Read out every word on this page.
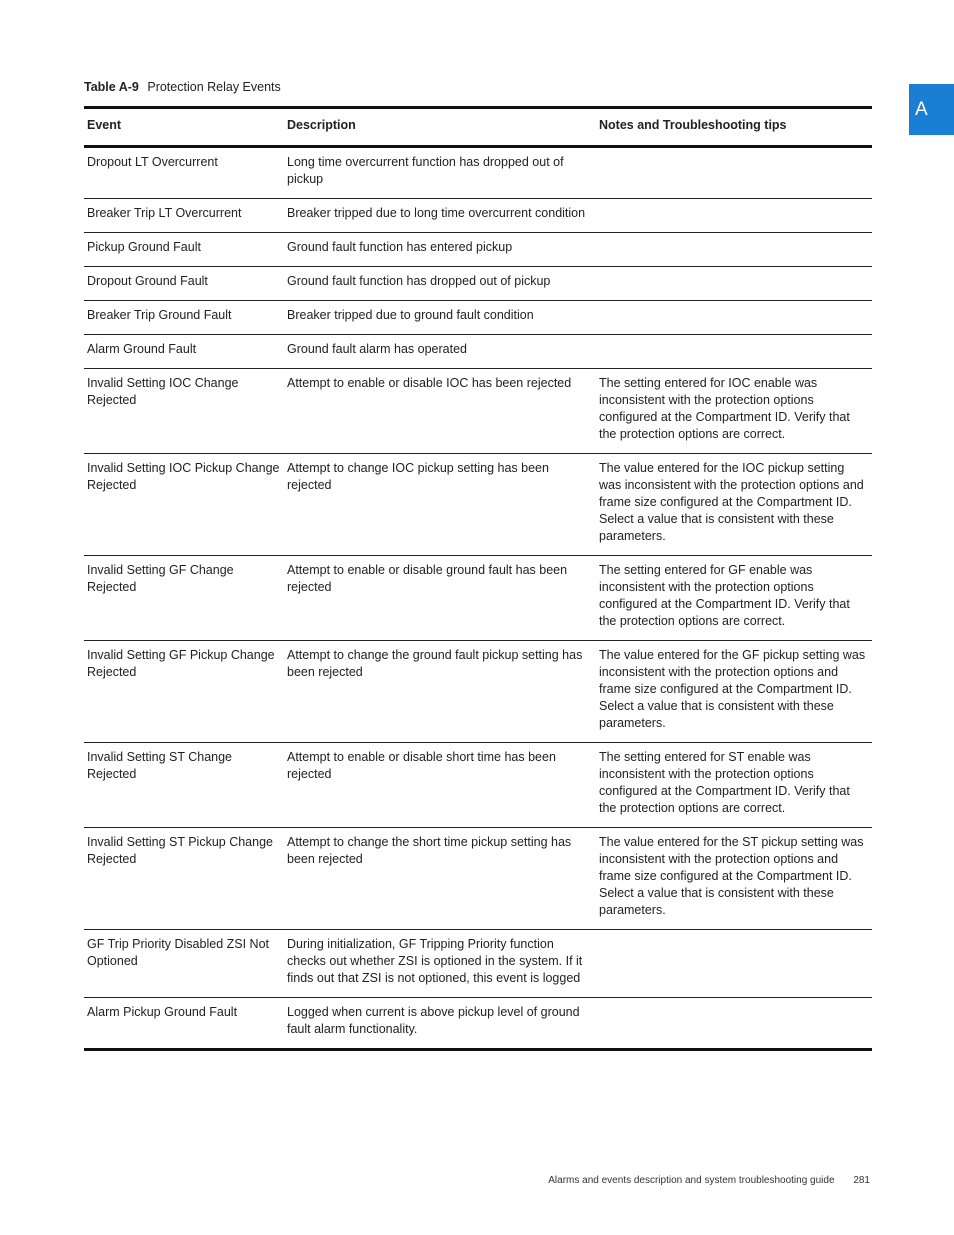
A
Table A-9 Protection Relay Events
Event	Description	Notes and Troubleshooting tips
Dropout LT Overcurrent	Long time overcurrent function has dropped out of pickup	
Breaker Trip LT Overcurrent	Breaker tripped due to long time overcurrent condition	
Pickup Ground Fault	Ground fault function has entered pickup	
Dropout Ground Fault	Ground fault function has dropped out of pickup	
Breaker Trip Ground Fault	Breaker tripped due to ground fault condition	
Alarm Ground Fault	Ground fault alarm has operated	
Invalid Setting IOC Change Rejected	Attempt to enable or disable IOC has been rejected	The setting entered for IOC enable was inconsistent with the protection options configured at the Compartment ID. Verify that the protection options are correct.
Invalid Setting IOC Pickup Change Rejected	Attempt to change IOC pickup setting has been rejected	The value entered for the IOC pickup setting was inconsistent with the protection options and frame size configured at the Compartment ID. Select a value that is consistent with these parameters.
Invalid Setting GF Change Rejected	Attempt to enable or disable ground fault has been rejected	The setting entered for GF enable was inconsistent with the protection options configured at the Compartment ID. Verify that the protection options are correct.
Invalid Setting GF Pickup Change Rejected	Attempt to change the ground fault pickup setting has been rejected	The value entered for the GF pickup setting was inconsistent with the protection options and frame size configured at the Compartment ID. Select a value that is consistent with these parameters.
Invalid Setting ST Change Rejected	Attempt to enable or disable short time has been rejected	The setting entered for ST enable was inconsistent with the protection options configured at the Compartment ID. Verify that the protection options are correct.
Invalid Setting ST Pickup Change Rejected	Attempt to change the short time pickup setting has been rejected	The value entered for the ST pickup setting was inconsistent with the protection options and frame size configured at the Compartment ID. Select a value that is consistent with these parameters.
GF Trip Priority Disabled ZSI Not Optioned	During initialization, GF Tripping Priority function checks out whether ZSI is optioned in the system. If it finds out that ZSI is not optioned, this event is logged	
Alarm Pickup Ground Fault	Logged when current is above pickup level of ground fault alarm functionality.	
Alarms and events description and system troubleshooting guide 281
